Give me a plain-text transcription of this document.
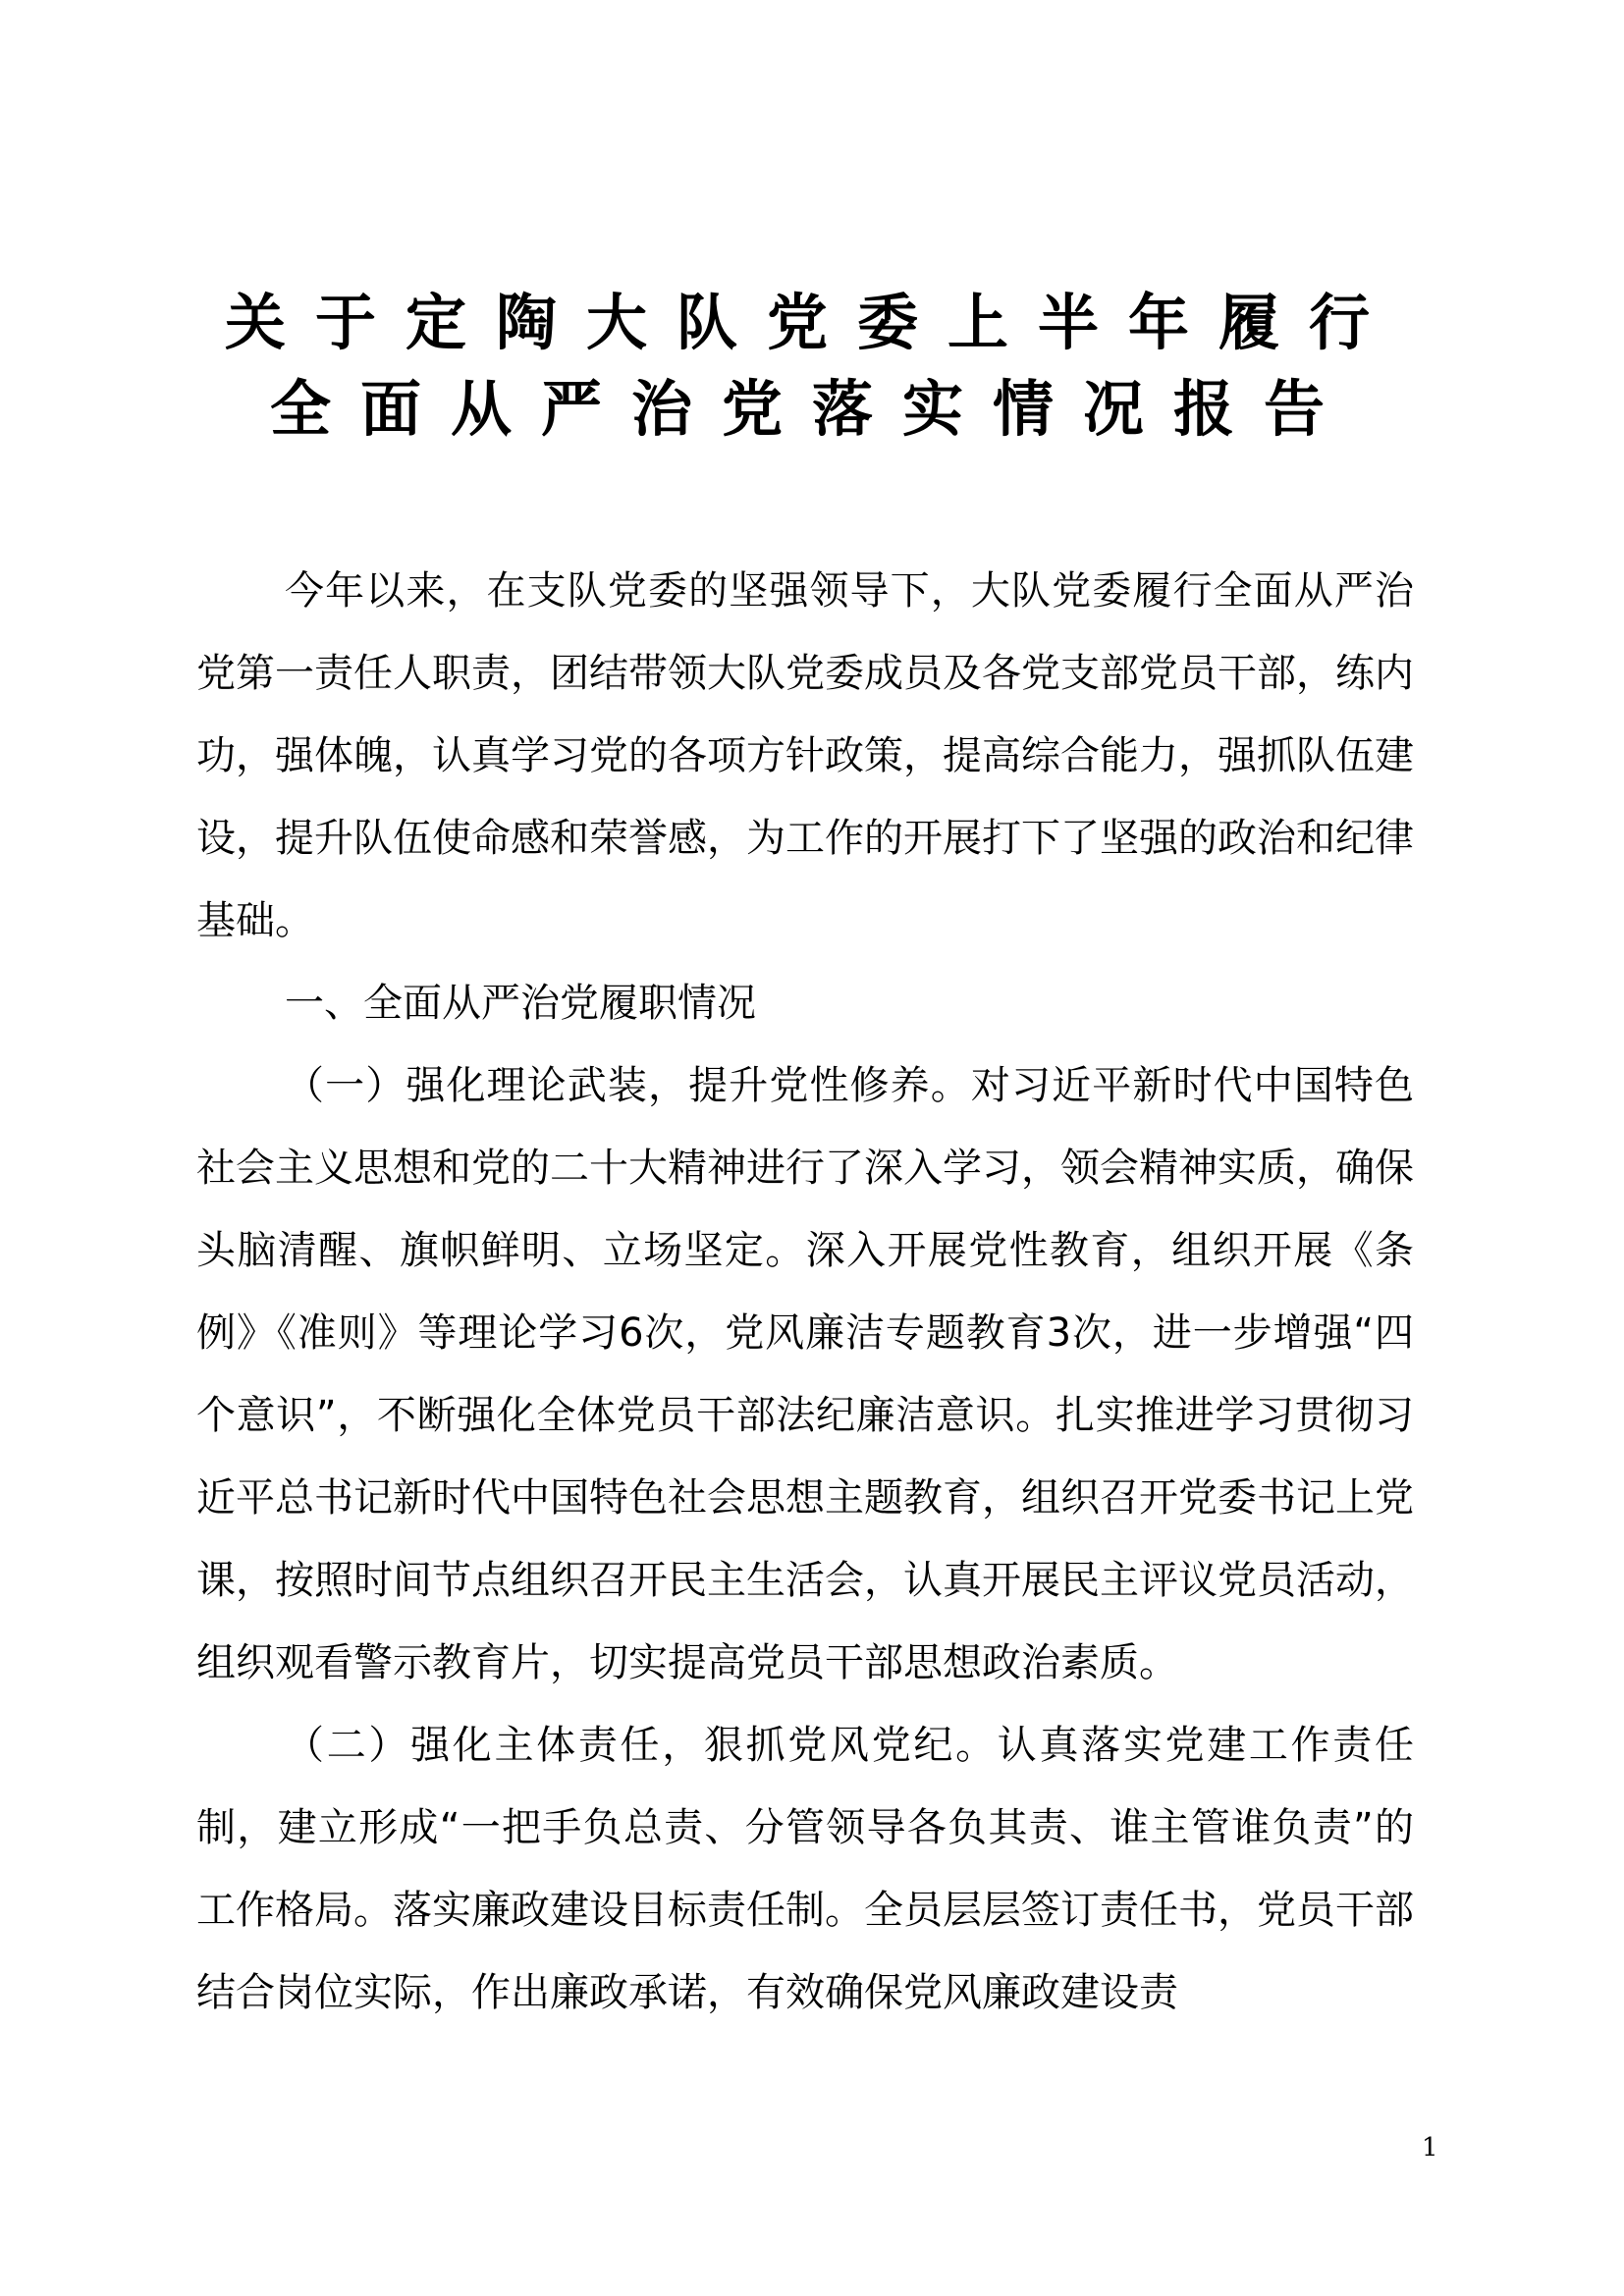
关于定陶大队党委上半年履行
全面从严治党落实情况报告

今年以来，在支队党委的坚强领导下，大队党委履行全面从严治党第一责任人职责，团结带领大队党委成员及各党支部党员干部，练内功，强体魄，认真学习党的各项方针政策，提高综合能力，强抓队伍建设，提升队伍使命感和荣誉感，为工作的开展打下了坚强的政治和纪律基础。

一、全面从严治党履职情况

（一）强化理论武装，提升党性修养。对习近平新时代中国特色社会主义思想和党的二十大精神进行了深入学习，领会精神实质，确保头脑清醒、旗帜鲜明、立场坚定。深入开展党性教育，组织开展《条例》《准则》等理论学习6次，党风廉洁专题教育3次，进一步增强“四个意识”，不断强化全体党员干部法纪廉洁意识。扎实推进学习贯彻习近平总书记新时代中国特色社会思想主题教育，组织召开党委书记上党课，按照时间节点组织召开民主生活会，认真开展民主评议党员活动，组织观看警示教育片，切实提高党员干部思想政治素质。

（二）强化主体责任，狠抓党风党纪。认真落实党建工作责任制，建立形成“一把手负总责、分管领导各负其责、谁主管谁负责”的工作格局。落实廉政建设目标责任制。全员层层签订责任书，党员干部结合岗位实际，作出廉政承诺，有效确保党风廉政建设责

1
